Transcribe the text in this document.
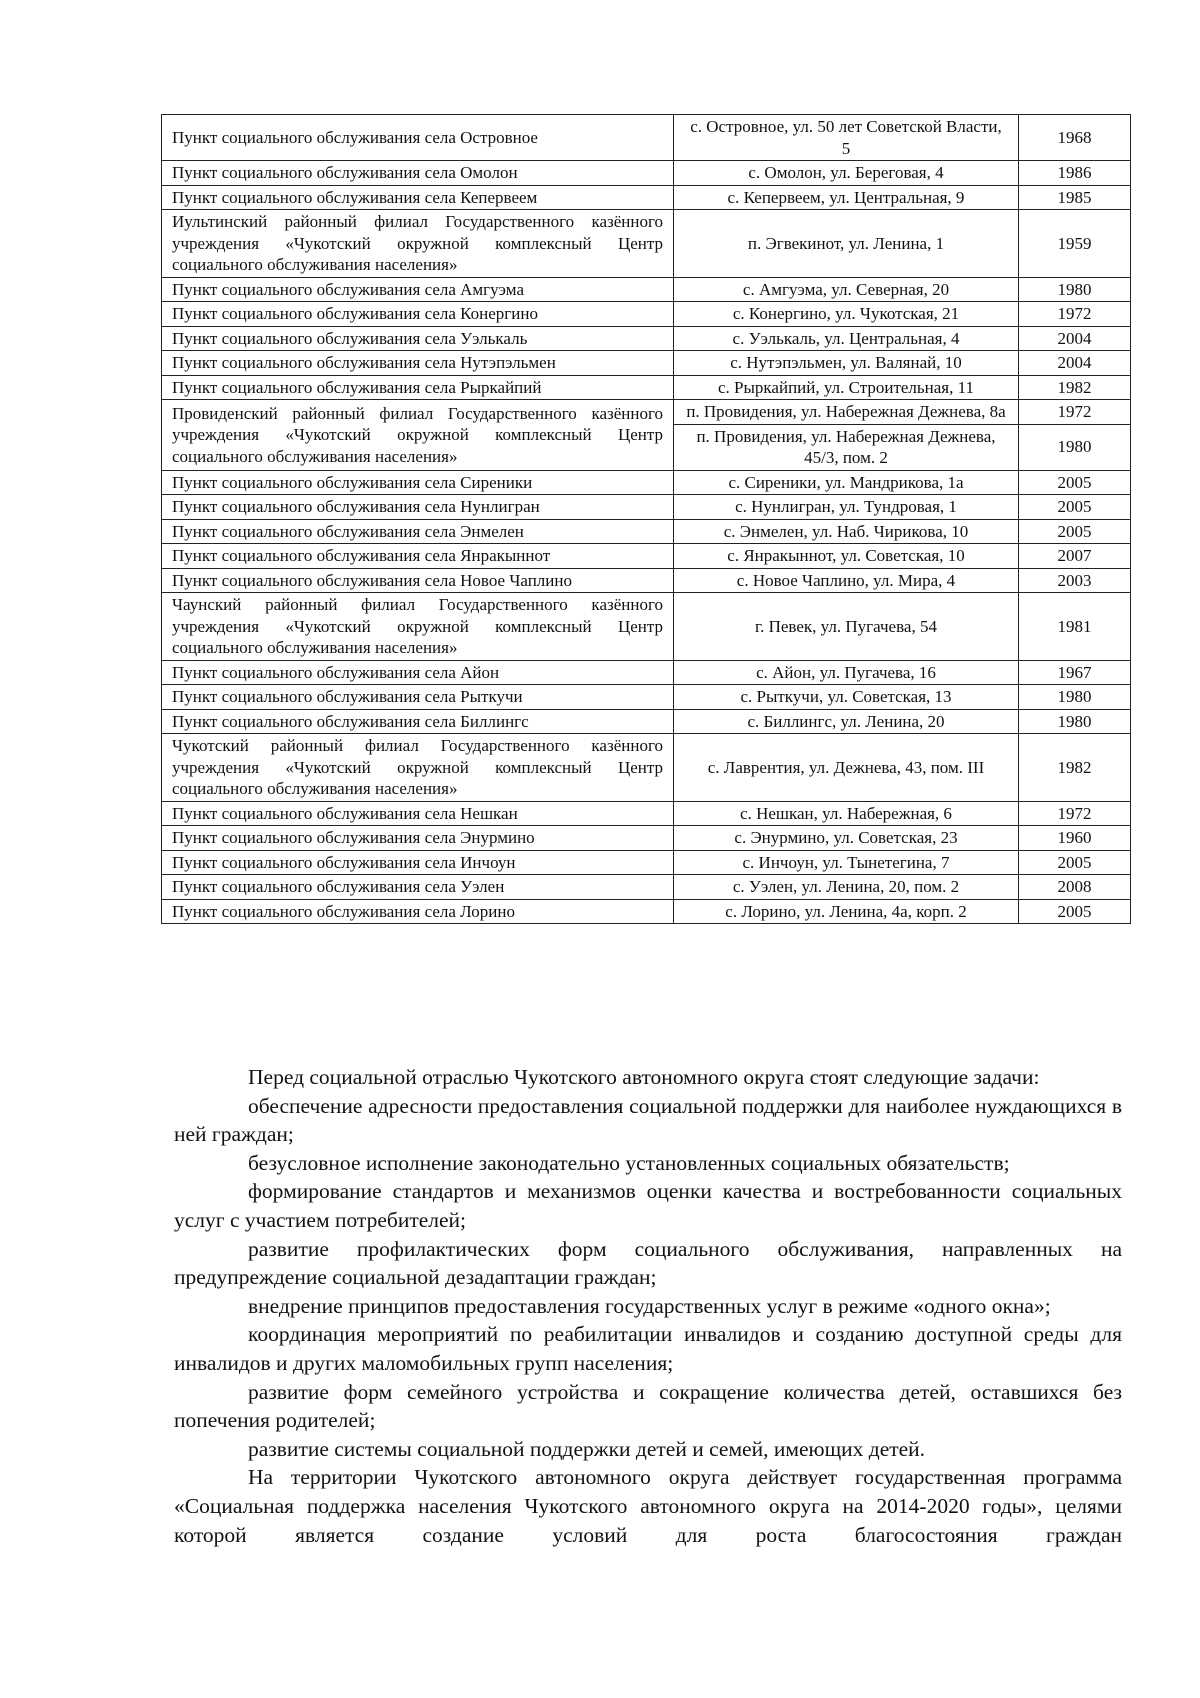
Пункт социального обслуживания села Островное	с. Островное, ул. 50 лет Советской Власти, 5	1968
Пункт социального обслуживания села Омолон	с. Омолон, ул. Береговая, 4	1986
Пункт социального обслуживания села Кепервеем	с. Кепервеем, ул. Центральная, 9	1985
Иультинский районный филиал Государственного казённого учреждения «Чукотский окружной комплексный Центр социального обслуживания населения»	п. Эгвекинот, ул. Ленина, 1	1959
Пункт социального обслуживания села Амгуэма	с. Амгуэма, ул. Северная, 20	1980
Пункт социального обслуживания села Конергино	с. Конергино, ул. Чукотская, 21	1972
Пункт социального обслуживания села Уэлькаль	с. Уэлькаль, ул. Центральная, 4	2004
Пункт социального обслуживания села Нутэпэльмен	с. Нутэпэльмен, ул. Валянай, 10	2004
Пункт социального обслуживания села Рыркайпий	с. Рыркайпий, ул. Строительная, 11	1982
Провиденский районный филиал Государственного казённого учреждения «Чукотский окружной комплексный Центр социального обслуживания населения»	п. Провидения, ул. Набережная Дежнева, 8а	1972
	п. Провидения, ул. Набережная Дежнева, 45/3, пом. 2	1980
Пункт социального обслуживания села Сиреники	с. Сиреники, ул. Мандрикова, 1а	2005
Пункт социального обслуживания села Нунлигран	с. Нунлигран, ул. Тундровая, 1	2005
Пункт социального обслуживания села Энмелен	с. Энмелен, ул. Наб. Чирикова, 10	2005
Пункт социального обслуживания села Янракыннот	с. Янракыннот, ул. Советская, 10	2007
Пункт социального обслуживания села Новое Чаплино	с. Новое Чаплино, ул. Мира, 4	2003
Чаунский районный филиал Государственного казённого учреждения «Чукотский окружной комплексный Центр социального обслуживания населения»	г. Певек, ул. Пугачева, 54	1981
Пункт социального обслуживания села Айон	с. Айон, ул. Пугачева, 16	1967
Пункт социального обслуживания села Рыткучи	с. Рыткучи, ул. Советская, 13	1980
Пункт социального обслуживания села Биллингс	с. Биллингс, ул. Ленина, 20	1980
Чукотский районный филиал Государственного казённого учреждения «Чукотский окружной комплексный Центр социального обслуживания населения»	с. Лаврентия, ул. Дежнева, 43, пом. III	1982
Пункт социального обслуживания села Нешкан	с. Нешкан, ул. Набережная, 6	1972
Пункт социального обслуживания села Энурмино	с. Энурмино, ул. Советская, 23	1960
Пункт социального обслуживания села Инчоун	с. Инчоун, ул. Тынетегина, 7	2005
Пункт социального обслуживания села Уэлен	с. Уэлен, ул. Ленина, 20, пом. 2	2008
Пункт социального обслуживания села Лорино	с. Лорино, ул. Ленина, 4а, корп. 2	2005

Перед социальной отраслью Чукотского автономного округа стоят следующие задачи:

обеспечение адресности предоставления социальной поддержки для наиболее нуждающихся в ней граждан;

безусловное исполнение законодательно установленных социальных обязательств;

формирование стандартов и механизмов оценки качества и востребованности социальных услуг с участием потребителей;

развитие профилактических форм социального обслуживания, направленных на предупреждение социальной дезадаптации граждан;

внедрение принципов предоставления государственных услуг в режиме «одного окна»;

координация мероприятий по реабилитации инвалидов и созданию доступной среды для инвалидов и других маломобильных групп населения;

развитие форм семейного устройства и сокращение количества детей, оставшихся без попечения родителей;

развитие системы социальной поддержки детей и семей, имеющих детей.

На территории Чукотского автономного округа действует государственная программа «Социальная поддержка населения Чукотского автономного округа на 2014-2020 годы», целями которой является создание условий для роста благосостояния граждан
